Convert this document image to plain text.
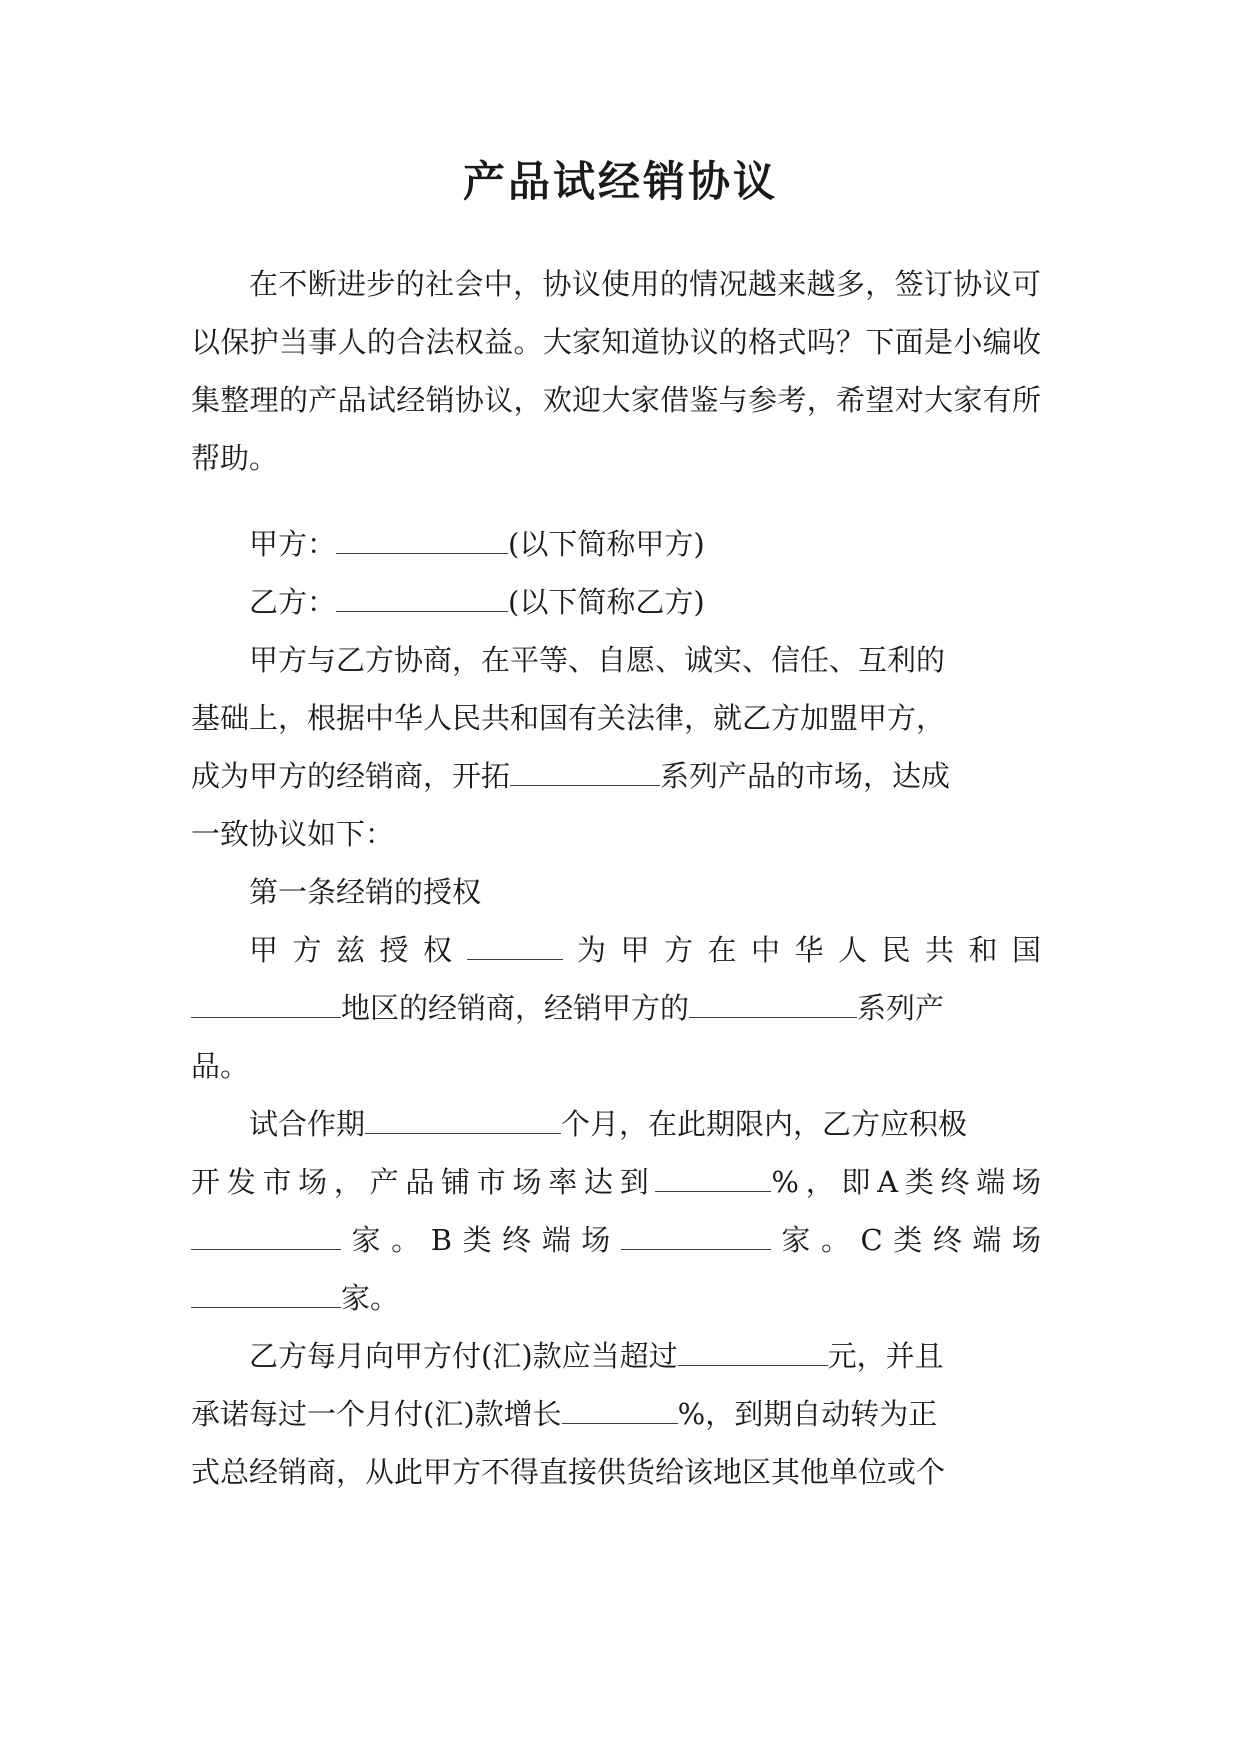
产品试经销协议

在不断进步的社会中，协议使用的情况越来越多，签订协议可以保护当事人的合法权益。大家知道协议的格式吗？下面是小编收集整理的产品试经销协议，欢迎大家借鉴与参考，希望对大家有所帮助。

甲方：	(以下简称甲方)

乙方：	(以下简称乙方)

甲方与乙方协商，在平等、自愿、诚实、信任、互利的
基础上，根据中华人民共和国有关法律，就乙方加盟甲方，
成为甲方的经销商，开拓	系列产品的市场，达成
一致协议如下：

第一条经销的授权

甲方兹授权	为甲方在中华人民共和国
地区的经销商，经销甲方的	系列产
品。

试合作期	个月，在此期限内，乙方应积极
开发市场，产品铺市场率达到	%，即A类终端场
家。B类终端场	家。C类终端场
家。

乙方每月向甲方付(汇)款应当超过	元，并且
承诺每过一个月付(汇)款增长	%，到期自动转为正
式总经销商，从此甲方不得直接供货给该地区其他单位或个
